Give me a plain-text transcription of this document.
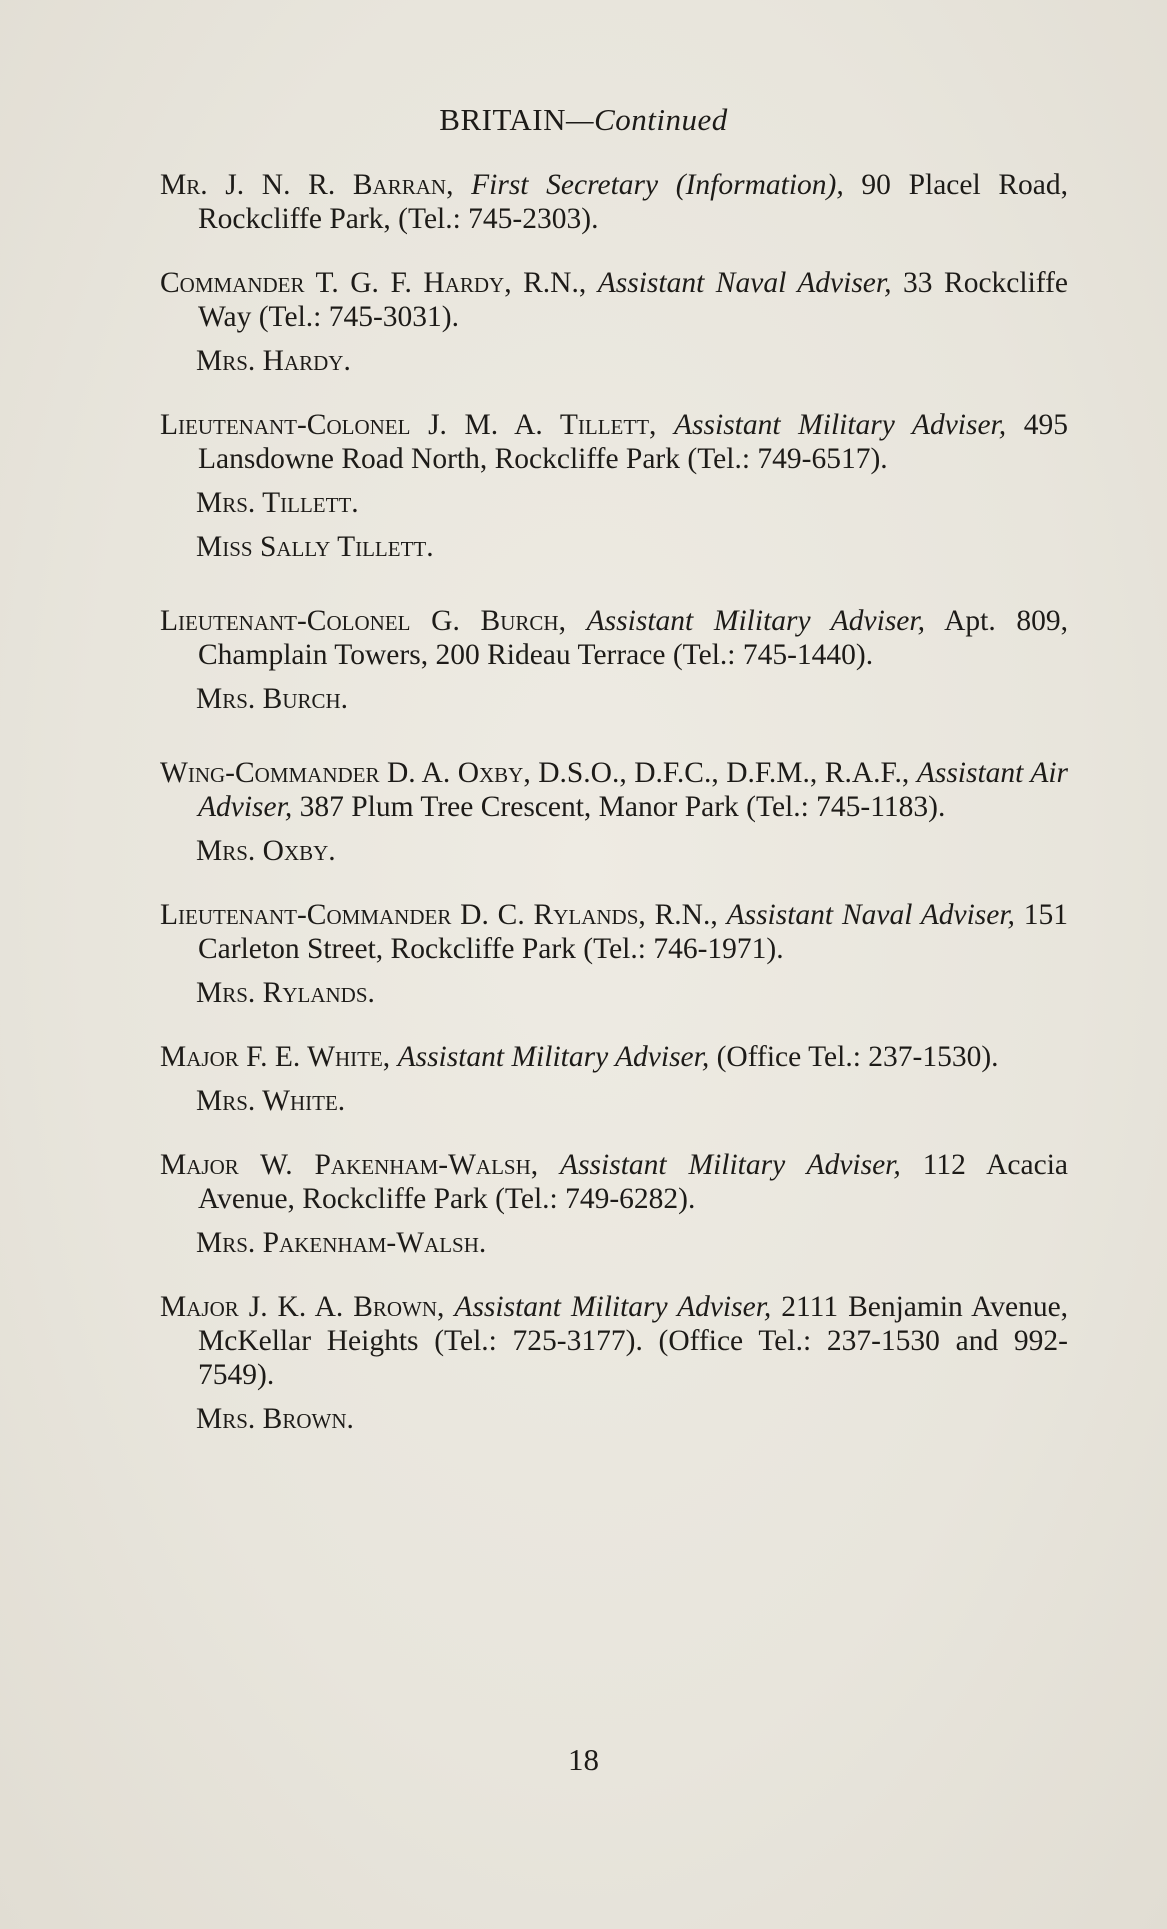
BRITAIN—Continued

Mr. J. N. R. Barran, First Secretary (Information), 90 Placel Road, Rockcliffe Park, (Tel.: 745-2303).

Commander T. G. F. Hardy, R.N., Assistant Naval Adviser, 33 Rockcliffe Way (Tel.: 745-3031).

Mrs. Hardy.

Lieutenant-Colonel J. M. A. Tillett, Assistant Military Adviser, 495 Lansdowne Road North, Rockcliffe Park (Tel.: 749-6517).

Mrs. Tillett.

Miss Sally Tillett.

Lieutenant-Colonel G. Burch, Assistant Military Adviser, Apt. 809, Champlain Towers, 200 Rideau Terrace (Tel.: 745-1440).

Mrs. Burch.

Wing-Commander D. A. Oxby, D.S.O., D.F.C., D.F.M., R.A.F., Assistant Air Adviser, 387 Plum Tree Crescent, Manor Park (Tel.: 745-1183).

Mrs. Oxby.

Lieutenant-Commander D. C. Rylands, R.N., Assistant Naval Adviser, 151 Carleton Street, Rockcliffe Park (Tel.: 746-1971).

Mrs. Rylands.

Major F. E. White, Assistant Military Adviser, (Office Tel.: 237-1530).

Mrs. White.

Major W. Pakenham-Walsh, Assistant Military Adviser, 112 Acacia Avenue, Rockcliffe Park (Tel.: 749-6282).

Mrs. Pakenham-Walsh.

Major J. K. A. Brown, Assistant Military Adviser, 2111 Benjamin Avenue, McKellar Heights (Tel.: 725-3177). (Office Tel.: 237-1530 and 992-7549).

Mrs. Brown.

18
